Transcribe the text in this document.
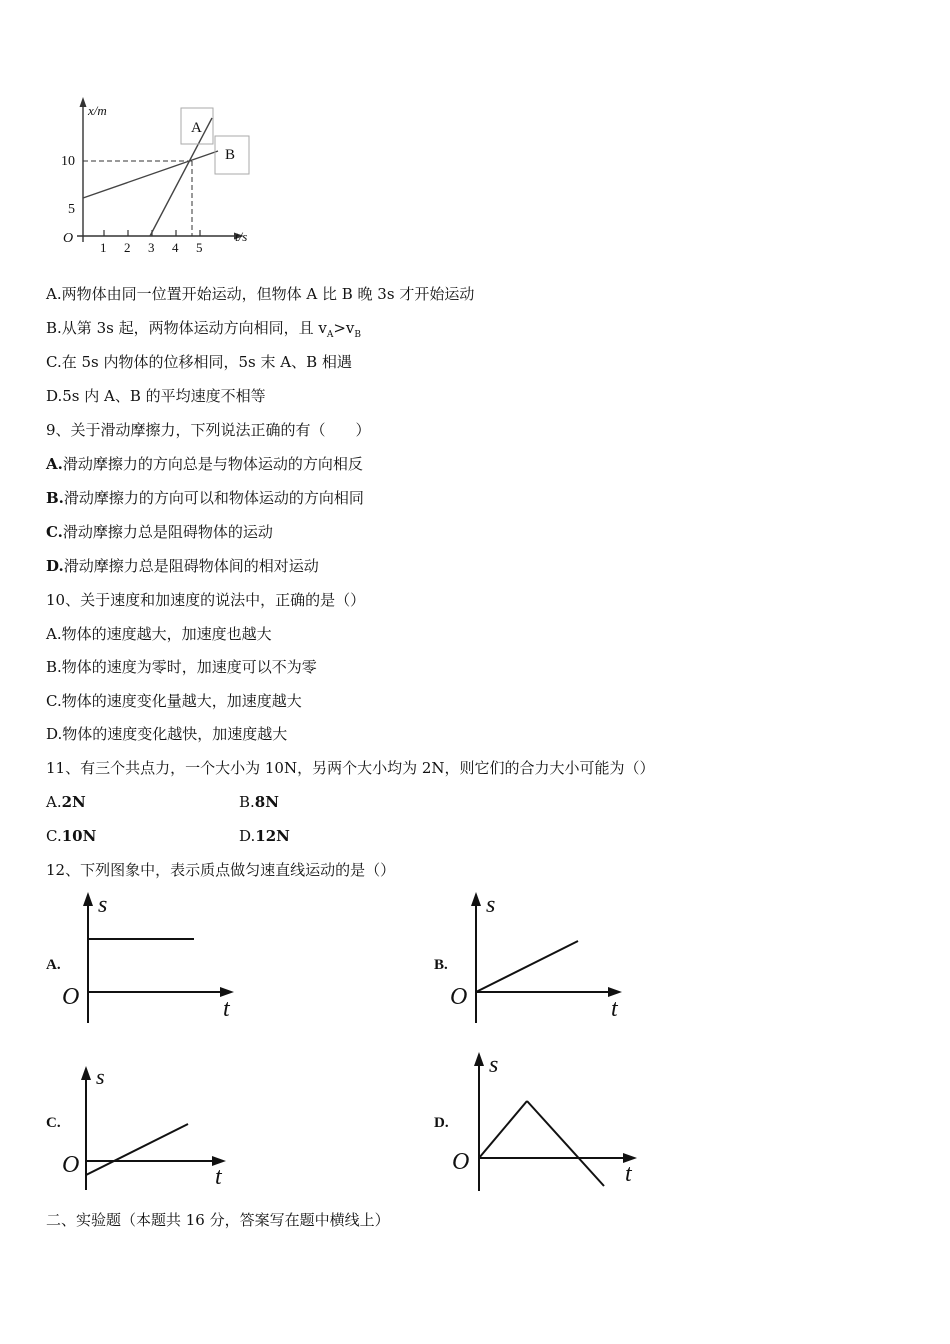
A
B
x/m
t/s
O
5
10
1 2 3 4 5
A.两物体由同一位置开始运动，但物体 A 比 B 晚 3s 才开始运动
B.从第 3s 起，两物体运动方向相同，且 $v_A>v_B$
C.在 5s 内物体的位移相同，5s 末 A、B 相遇
D.5s 内 A、B 的平均速度不相等
9、关于滑动摩擦力，下列说法正确的有（　　）
A.滑动摩擦力的方向总是与物体运动的方向相反
B.滑动摩擦力的方向可以和物体运动的方向相同
C.滑动摩擦力总是阻碍物体的运动
D.滑动摩擦力总是阻碍物体间的相对运动
10、关于速度和加速度的说法中，正确的是（）
A.物体的速度越大，加速度也越大
B.物体的速度为零时，加速度可以不为零
C.物体的速度变化量越大，加速度越大
D.物体的速度变化越快，加速度越大
11、有三个共点力，一个大小为 10N，另两个大小均为 2N，则它们的合力大小可能为（）
A.2N	B.8N
C.10N	D.12N
12、下列图象中，表示质点做匀速直线运动的是（）
A.
s
O	t
B.
s
O	t
C.
s
O	t
D.
s
O	t
二、实验题（本题共 16 分，答案写在题中横线上）
